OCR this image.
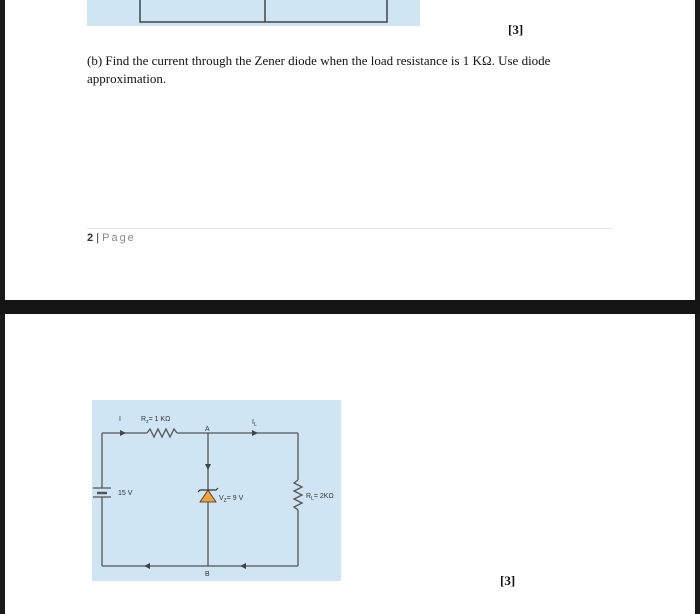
[3]
(b) Find the current through the Zener diode when the load resistance is 1 KΩ. Use diode approximation.
2 | Page
I	$R_z= 1$ KΩ
A
$I_L$
15 V
$V_Z= 9$ V	$R_L= 2K\Omega$
B	[3]
